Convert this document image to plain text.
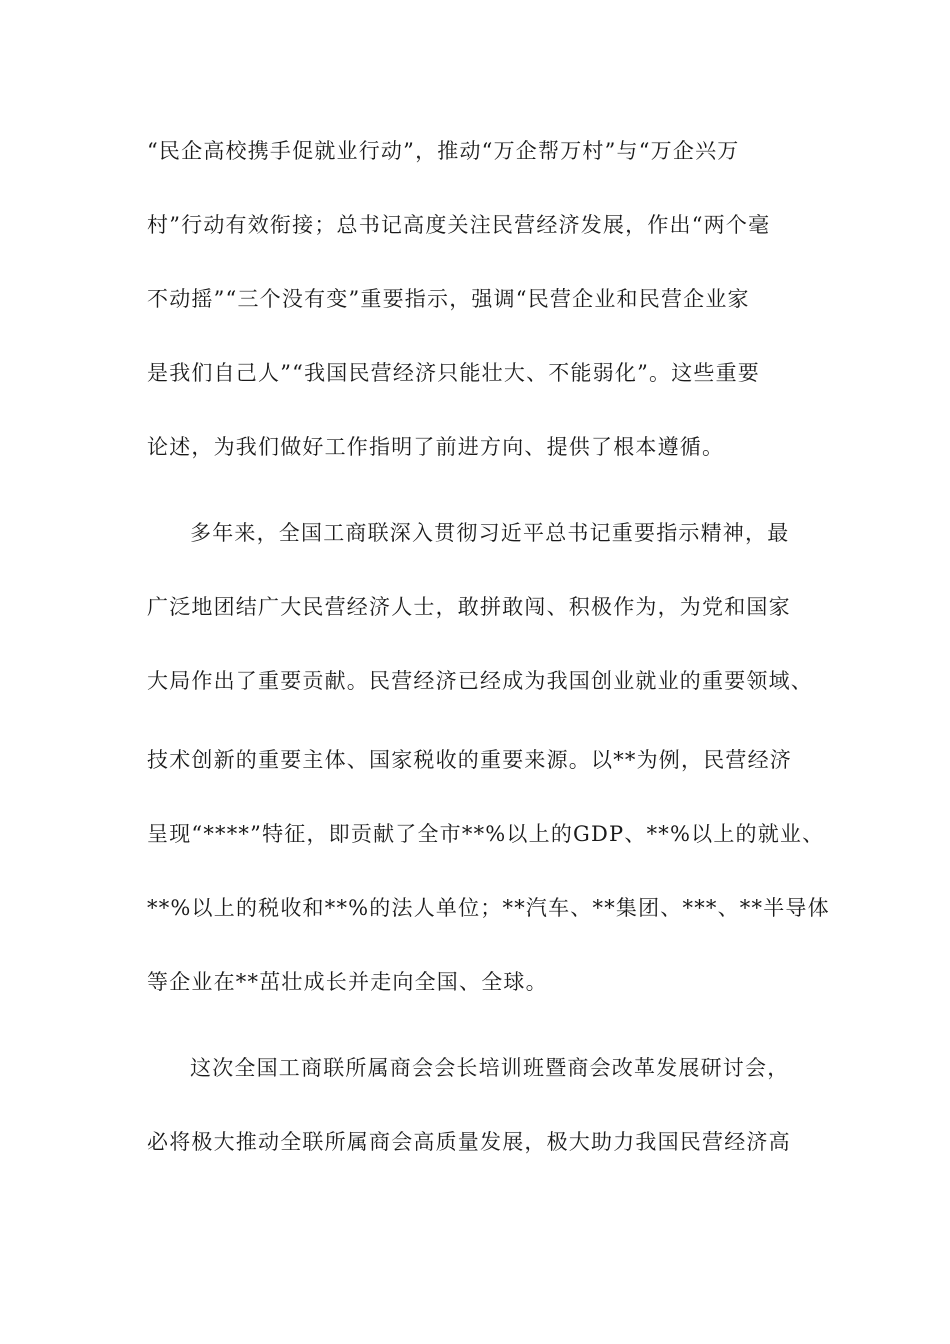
“民企高校携手促就业行动”，推动“万企帮万村”与“万企兴万
村”行动有效衔接；总书记高度关注民营经济发展，作出“两个毫
不动摇”“三个没有变”重要指示，强调“民营企业和民营企业家
是我们自己人”“我国民营经济只能壮大、不能弱化”。这些重要
论述，为我们做好工作指明了前进方向、提供了根本遵循。
多年来，全国工商联深入贯彻习近平总书记重要指示精神，最
广泛地团结广大民营经济人士，敢拼敢闯、积极作为，为党和国家
大局作出了重要贡献。民营经济已经成为我国创业就业的重要领域、
技术创新的重要主体、国家税收的重要来源。以**为例，民营经济
呈现“****”特征，即贡献了全市**%以上的GDP、**%以上的就业、
**%以上的税收和**%的法人单位；**汽车、**集团、***、**半导体
等企业在**茁壮成长并走向全国、全球。
这次全国工商联所属商会会长培训班暨商会改革发展研讨会，
必将极大推动全联所属商会高质量发展，极大助力我国民营经济高
